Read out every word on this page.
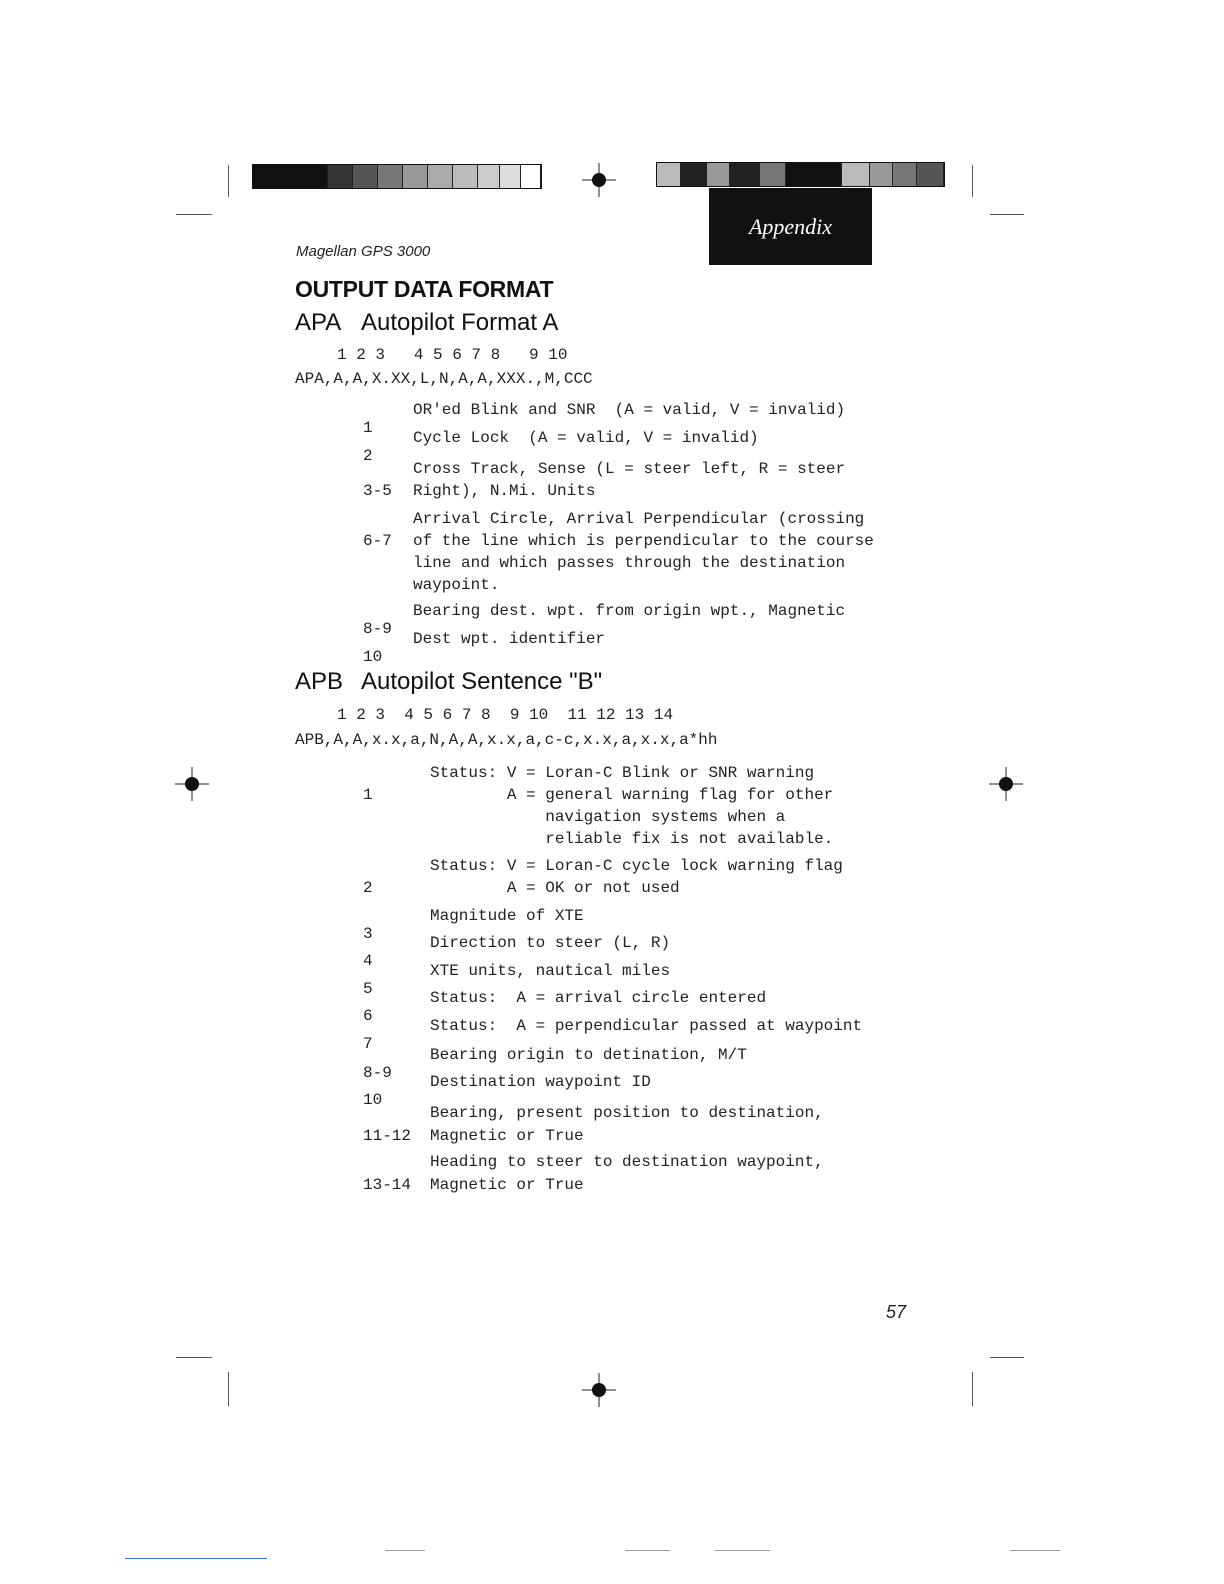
Appendix
Magellan GPS 3000
OUTPUT DATA FORMAT
APA Autopilot Format A
1 2 3   4 5 6 7 8   9 10
APA,A,A,X.XX,L,N,A,A,XXX.,M,CCC

1

OR'ed Blink and SNR  (A = valid, V = invalid)

2

Cycle Lock  (A = valid, V = invalid)

3-5

Cross Track, Sense (L = steer left, R = steer
Right), N.Mi. Units

6-7

Arrival Circle, Arrival Perpendicular (crossing
of the line which is perpendicular to the course
line and which passes through the destination
waypoint.

8-9

Bearing dest. wpt. from origin wpt., Magnetic

10

Dest wpt. identifier

APB Autopilot Sentence "B"
1 2 3  4 5 6 7 8  9 10  11 12 13 14
APB,A,A,x.x,a,N,A,A,x.x,a,c-c,x.x,a,x.x,a*hh

1

Status: V = Loran-C Blink or SNR warning
A = general warning flag for other
navigation systems when a
reliable fix is not available.

2

Status: V = Loran-C cycle lock warning flag
A = OK or not used

3

Magnitude of XTE

4

Direction to steer (L, R)

5

XTE units, nautical miles

6

Status:  A = arrival circle entered

7

Status:  A = perpendicular passed at waypoint

8-9

Bearing origin to detination, M/T

10

Destination waypoint ID

11-12

Bearing, present position to destination,
Magnetic or True

13-14

Heading to steer to destination waypoint,
Magnetic or True

57
